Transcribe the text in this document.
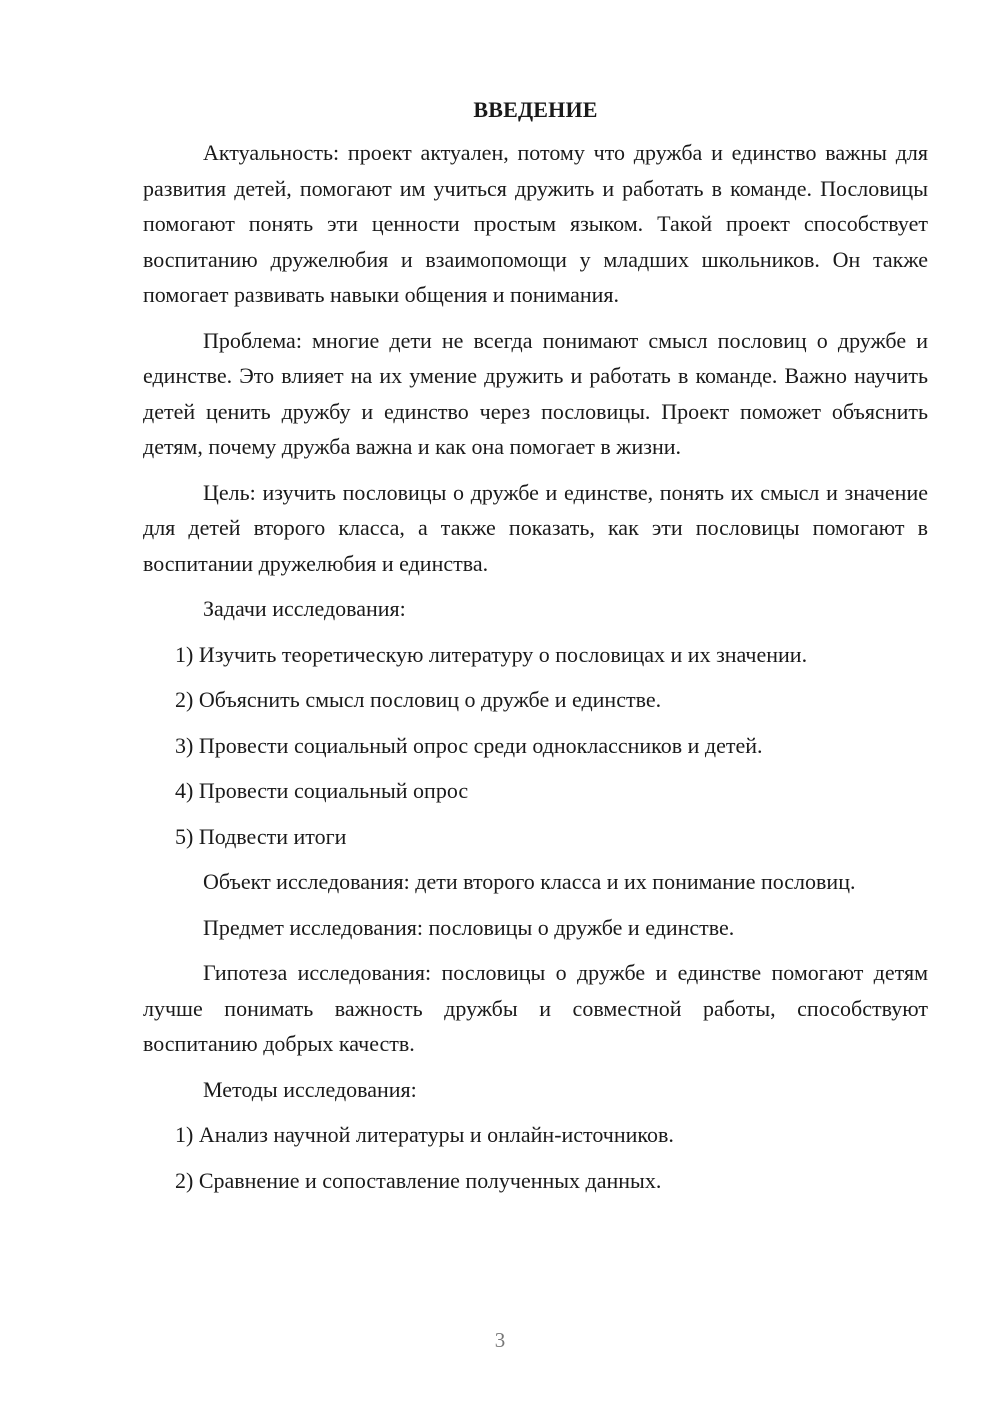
ВВЕДЕНИЕ

Актуальность: проект актуален, потому что дружба и единство важны для развития детей, помогают им учиться дружить и работать в команде. Пословицы помогают понять эти ценности простым языком. Такой проект способствует воспитанию дружелюбия и взаимопомощи у младших школьников. Он также помогает развивать навыки общения и понимания.

Проблема: многие дети не всегда понимают смысл пословиц о дружбе и единстве. Это влияет на их умение дружить и работать в команде. Важно научить детей ценить дружбу и единство через пословицы. Проект поможет объяснить детям, почему дружба важна и как она помогает в жизни.

Цель: изучить пословицы о дружбе и единстве, понять их смысл и значение для детей второго класса, а также показать, как эти пословицы помогают в воспитании дружелюбия и единства.

Задачи исследования:

1) Изучить теоретическую литературу о пословицах и их значении.
2) Объяснить смысл пословиц о дружбе и единстве.
3) Провести социальный опрос среди одноклассников и детей.
4) Провести социальный опрос
5) Подвести итоги

Объект исследования: дети второго класса и их понимание пословиц.

Предмет исследования: пословицы о дружбе и единстве.

Гипотеза исследования: пословицы о дружбе и единстве помогают детям лучше понимать важность дружбы и совместной работы, способствуют воспитанию добрых качеств.

Методы исследования:

1) Анализ научной литературы и онлайн-источников.
2) Сравнение и сопоставление полученных данных.
3
